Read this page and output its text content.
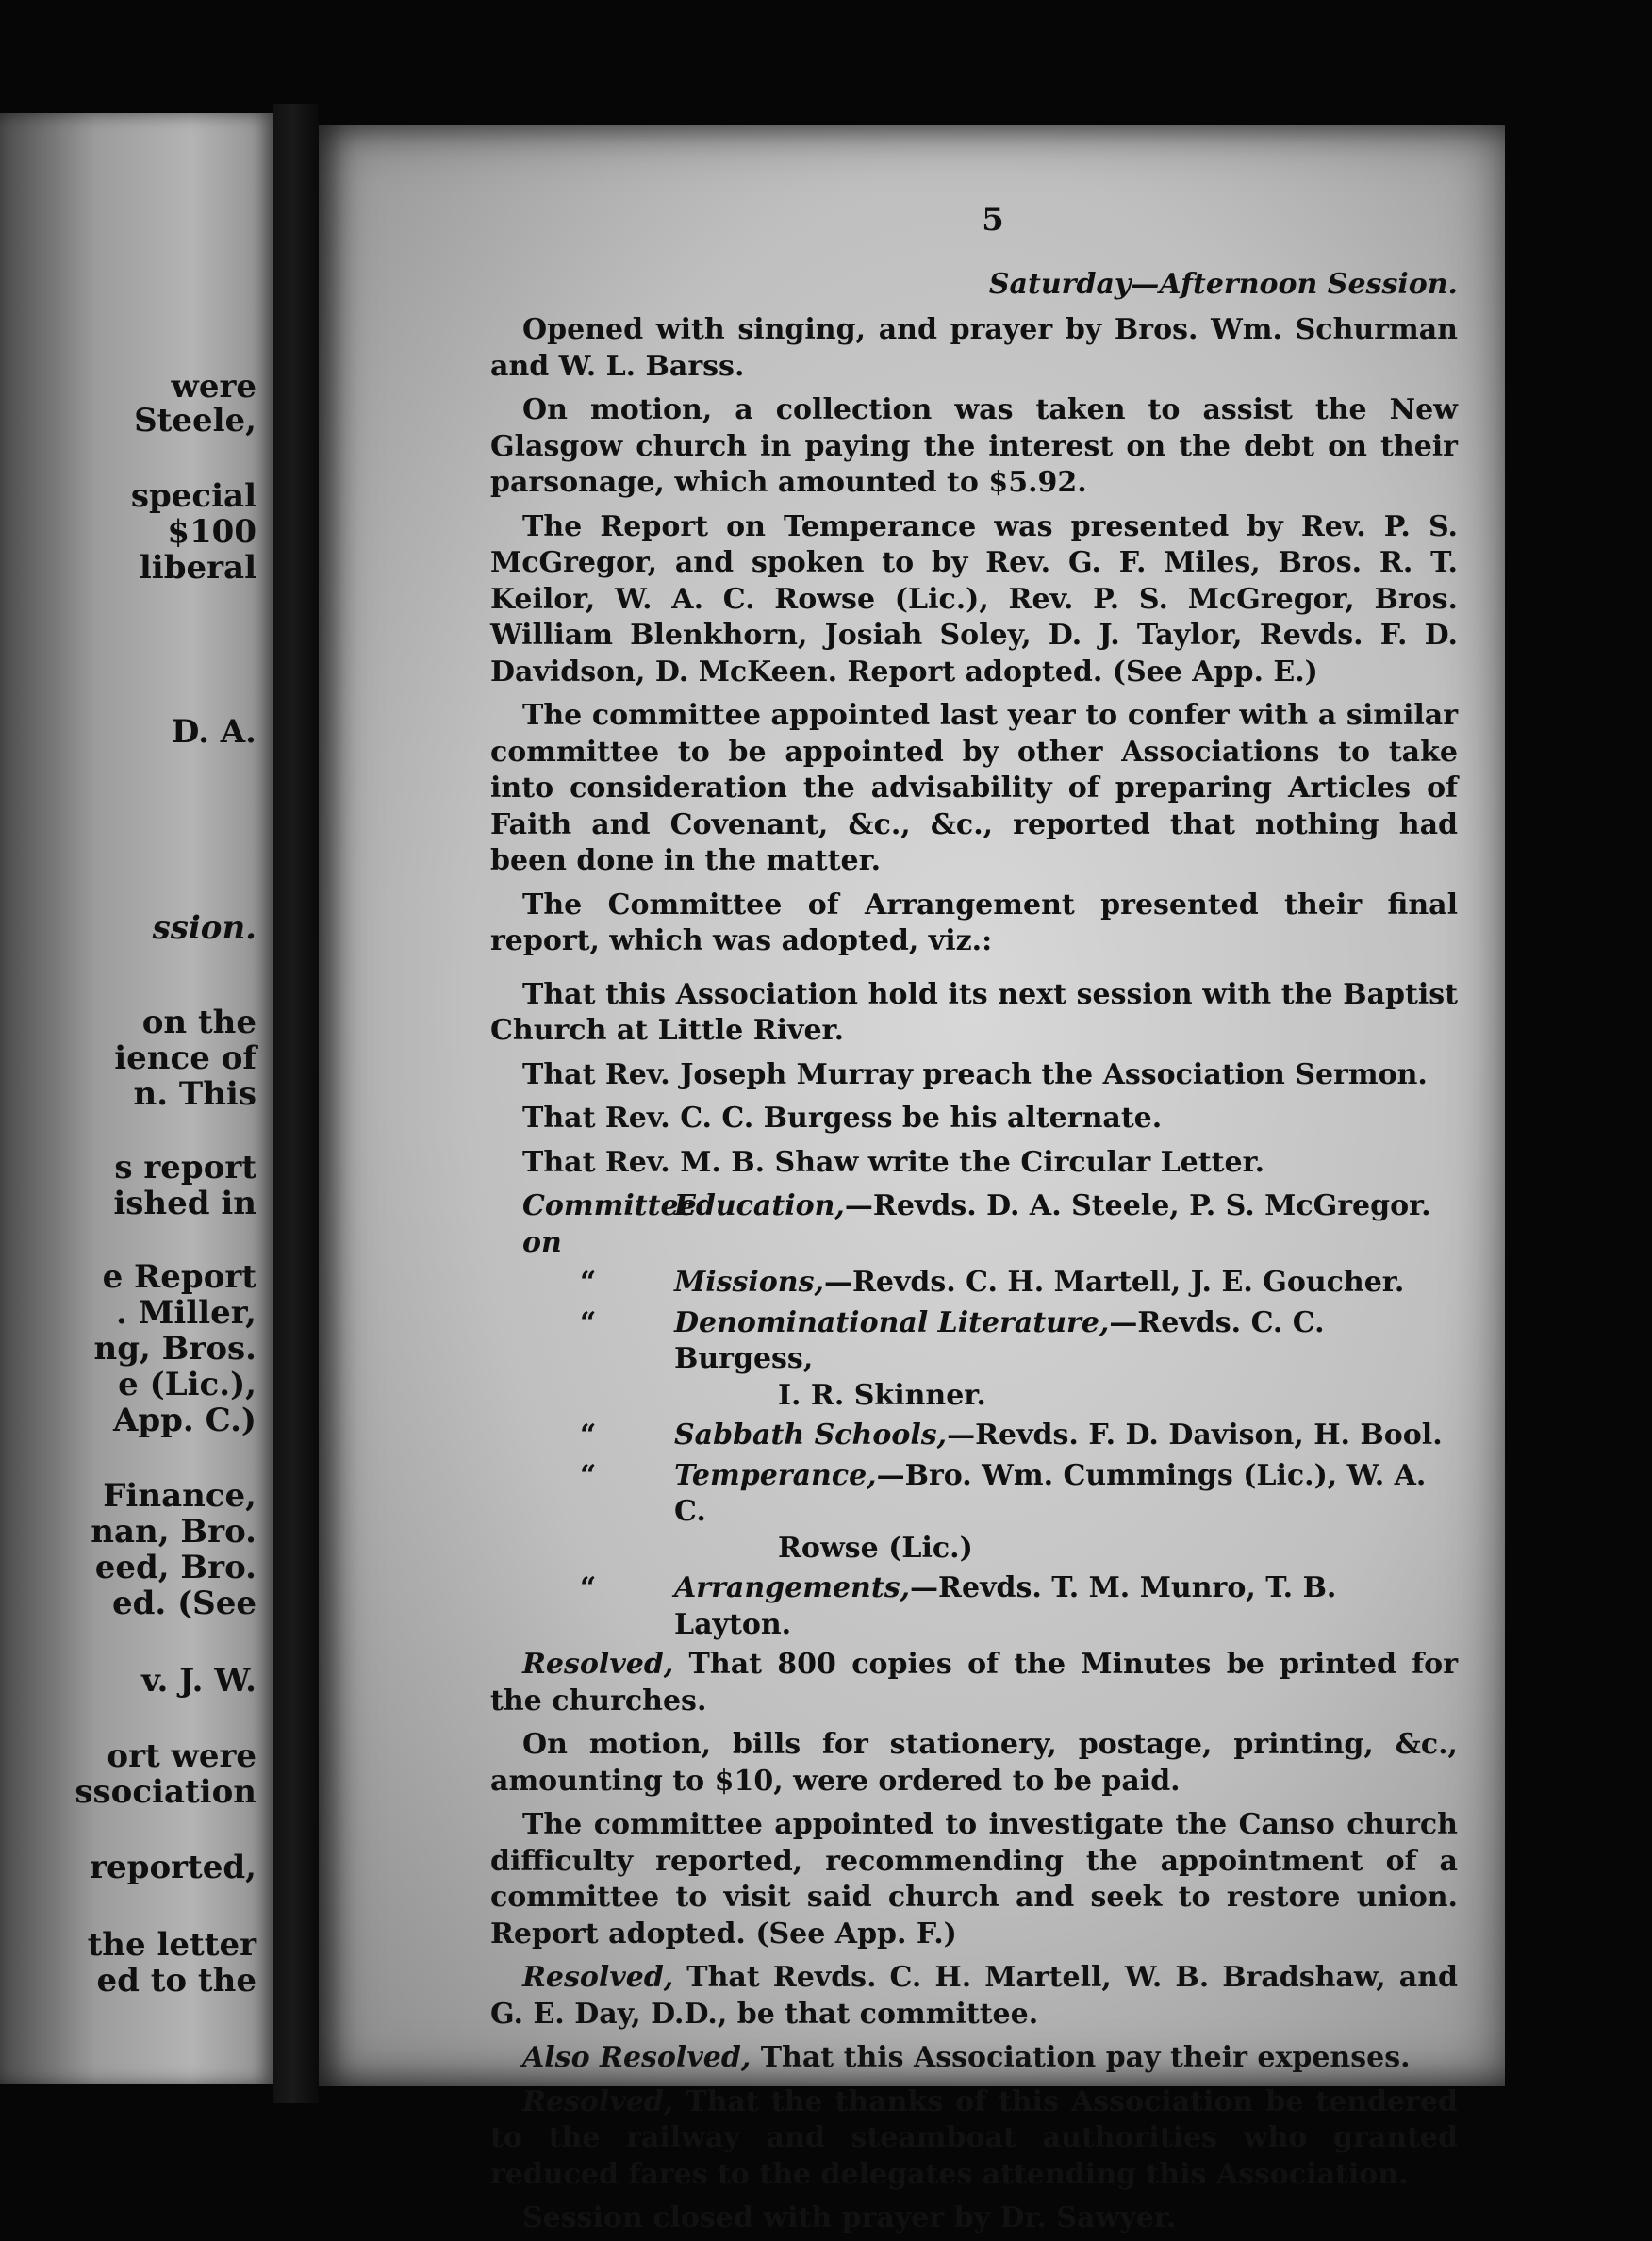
were
Steele,
special
$100
liberal
D. A.
ssion.
on the
ience of
n. This
s report
ished in
e Report
. Miller,
ng, Bros.
e (Lic.),
App. C.)
Finance,
nan, Bro.
eed, Bro.
ed. (See
v. J. W.
ort were
ssociation
reported,
the letter
ed to the
5
Saturday—Afternoon Session.

Opened with singing, and prayer by Bros. Wm. Schurman and W. L. Barss.

On motion, a collection was taken to assist the New Glasgow church in paying the interest on the debt on their parsonage, which amounted to $5.92.

The Report on Temperance was presented by Rev. P. S. McGregor, and spoken to by Rev. G. F. Miles, Bros. R. T. Keilor, W. A. C. Rowse (Lic.), Rev. P. S. McGregor, Bros. William Blenkhorn, Josiah Soley, D. J. Taylor, Revds. F. D. Davidson, D. McKeen. Report adopted. (See App. E.)

The committee appointed last year to confer with a similar committee to be appointed by other Associations to take into consideration the advisability of preparing Articles of Faith and Covenant, &c., &c., reported that nothing had been done in the matter.

The Committee of Arrangement presented their final report, which was adopted, viz.:

That this Association hold its next session with the Baptist Church at Little River.

That Rev. Joseph Murray preach the Association Sermon.

That Rev. C. C. Burgess be his alternate.

That Rev. M. B. Shaw write the Circular Letter.

Committee on
Education,—Revds. D. A. Steele, P. S. McGregor.
“	Missions,—Revds. C. H. Martell, J. E. Goucher.
“	Denominational Literature,—Revds. C. C. Burgess,
I. R. Skinner.
“	Sabbath Schools,—Revds. F. D. Davison, H. Bool.
“	Temperance,—Bro. Wm. Cummings (Lic.), W. A. C.
Rowse (Lic.)
“	Arrangements,—Revds. T. M. Munro, T. B. Layton.

Resolved, That 800 copies of the Minutes be printed for the churches.

On motion, bills for stationery, postage, printing, &c., amounting to $10, were ordered to be paid.

The committee appointed to investigate the Canso church difficulty reported, recommending the appointment of a committee to visit said church and seek to restore union. Report adopted. (See App. F.)

Resolved, That Revds. C. H. Martell, W. B. Bradshaw, and G. E. Day, D.D., be that committee.

Also Resolved, That this Association pay their expenses.

Resolved, That the thanks of this Association be tendered to the railway and steamboat authorities who granted reduced fares to the delegates attending this Association.

Session closed with prayer by Dr. Sawyer.
